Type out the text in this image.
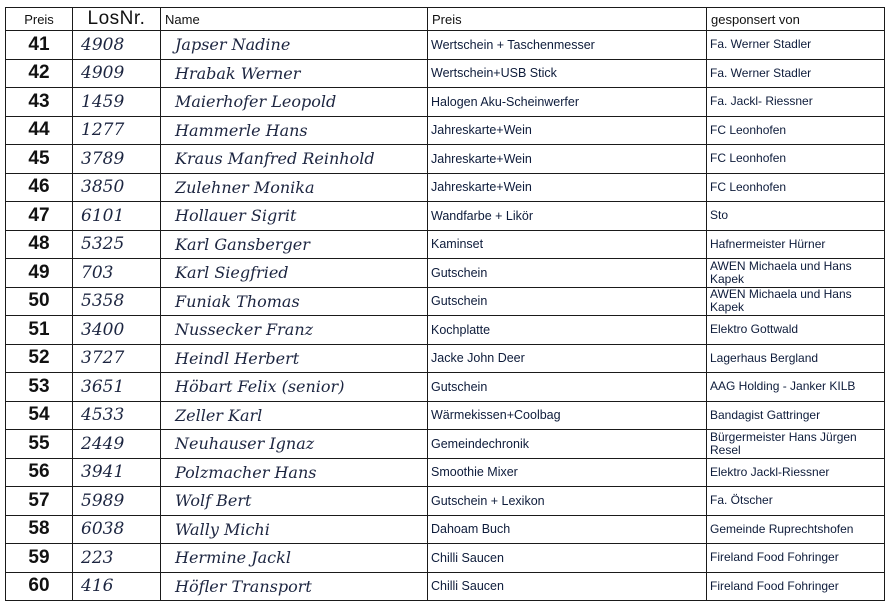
Preis	LosNr.	Name	Preis	gesponsert von
41	4908	Japser Nadine	Wertschein + Taschenmesser	Fa. Werner Stadler
42	4909	Hrabak Werner	Wertschein+USB Stick	Fa. Werner Stadler
43	1459	Maierhofer Leopold	Halogen Aku-Scheinwerfer	Fa. Jackl- Riessner
44	1277	Hammerle Hans	Jahreskarte+Wein	FC Leonhofen
45	3789	Kraus Manfred Reinhold	Jahreskarte+Wein	FC Leonhofen
46	3850	Zulehner Monika	Jahreskarte+Wein	FC Leonhofen
47	6101	Hollauer Sigrit	Wandfarbe + Likör	Sto
48	5325	Karl Gansberger	Kaminset	Hafnermeister Hürner
49	703	Karl Siegfried	Gutschein	AWEN Michaela und Hans Kapek
50	5358	Funiak Thomas	Gutschein	AWEN Michaela und Hans Kapek
51	3400	Nussecker Franz	Kochplatte	Elektro Gottwald
52	3727	Heindl Herbert	Jacke John Deer	Lagerhaus Bergland
53	3651	Höbart Felix (senior)	Gutschein	AAG Holding - Janker KILB
54	4533	Zeller Karl	Wärmekissen+Coolbag	Bandagist Gattringer
55	2449	Neuhauser Ignaz	Gemeindechronik	Bürgermeister Hans Jürgen Resel
56	3941	Polzmacher Hans	Smoothie Mixer	Elektro Jackl-Riessner
57	5989	Wolf Bert	Gutschein + Lexikon	Fa. Ötscher
58	6038	Wally Michi	Dahoam Buch	Gemeinde Ruprechtshofen
59	223	Hermine Jackl	Chilli Saucen	Fireland Food Fohringer
60	416	Höfler Transport	Chilli Saucen	Fireland Food Fohringer
